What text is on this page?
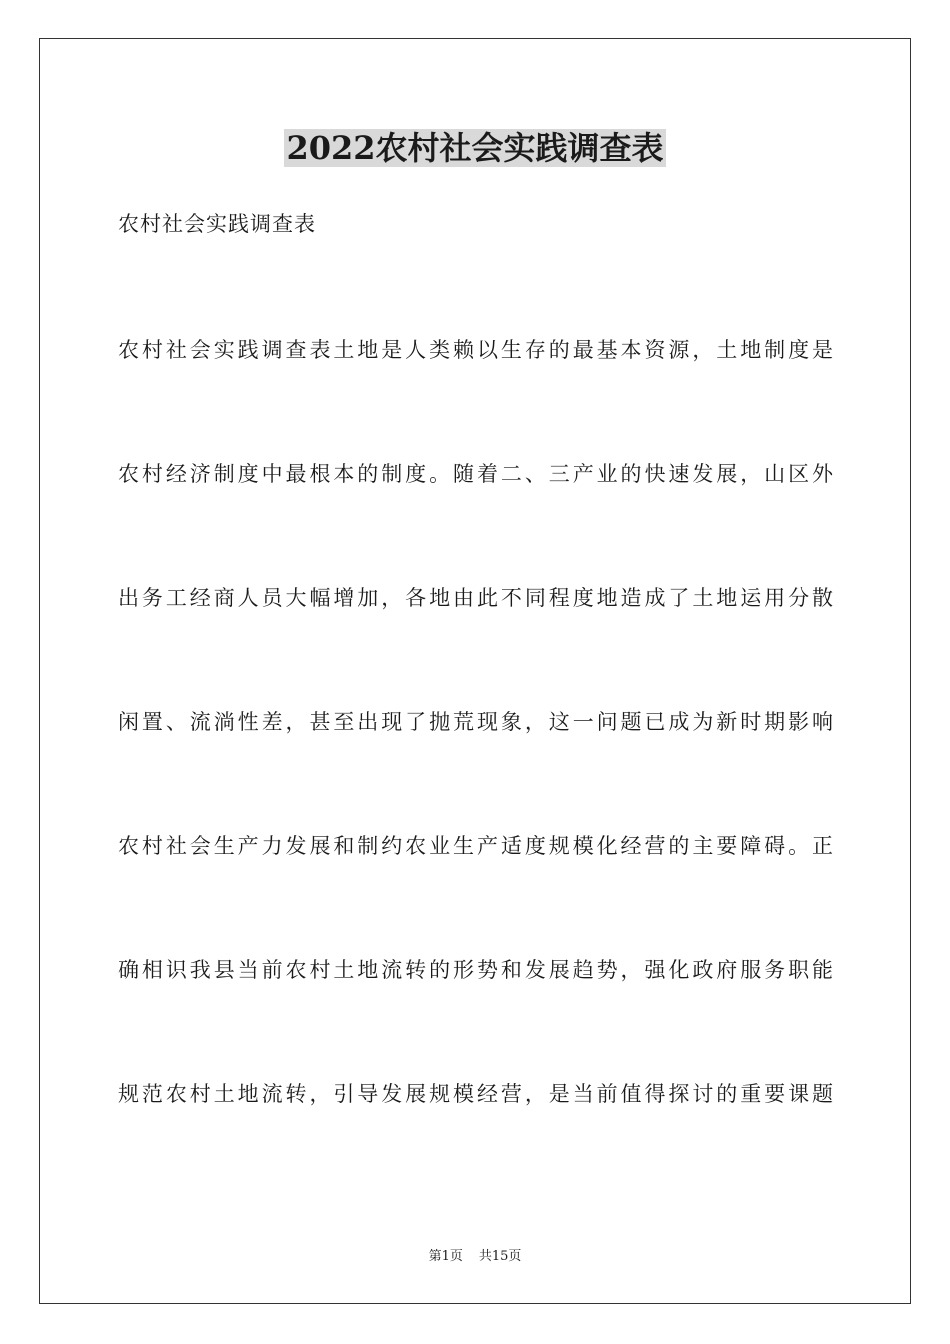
2022农村社会实践调查表
农村社会实践调查表
农村社会实践调查表土地是人类赖以生存的最基本资源，土地制度是
农村经济制度中最根本的制度。随着二、三产业的快速发展，山区外
出务工经商人员大幅增加，各地由此不同程度地造成了土地运用分散
闲置、流淌性差，甚至出现了抛荒现象，这一问题已成为新时期影响
农村社会生产力发展和制约农业生产适度规模化经营的主要障碍。正
确相识我县当前农村土地流转的形势和发展趋势，强化政府服务职能
规范农村土地流转，引导发展规模经营，是当前值得探讨的重要课题
第1页 共15页
